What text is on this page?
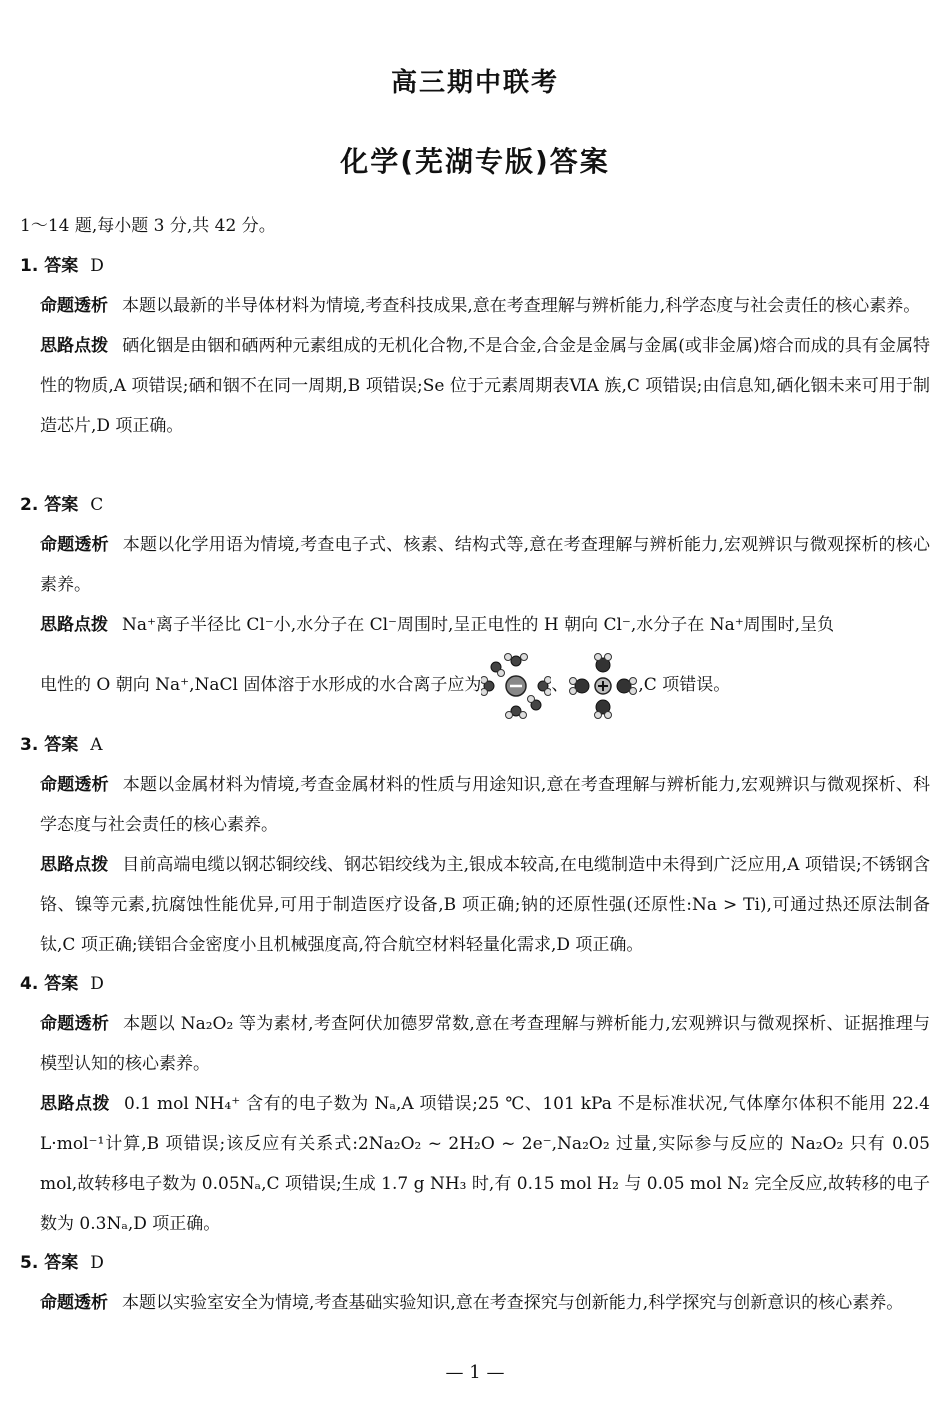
高三期中联考
化学(芜湖专版)答案
1～14 题,每小题 3 分,共 42 分。
1. 答案 D
命题透析 本题以最新的半导体材料为情境,考查科技成果,意在考查理解与辨析能力,科学态度与社会责任的核心素养。
思路点拨 硒化铟是由铟和硒两种元素组成的无机化合物,不是合金,合金是金属与金属(或非金属)熔合而成的具有金属特性的物质,A 项错误;硒和铟不在同一周期,B 项错误;Se 位于元素周期表ⅥA 族,C 项错误;由信息知,硒化铟未来可用于制造芯片,D 项正确。
2. 答案 C
命题透析 本题以化学用语为情境,考查电子式、核素、结构式等,意在考查理解与辨析能力,宏观辨识与微观探析的核心素养。
思路点拨 Na⁺离子半径比 Cl⁻小,水分子在 Cl⁻周围时,呈正电性的 H 朝向 Cl⁻,水分子在 Na⁺周围时,呈负
电性的 O 朝向 Na⁺,NaCl 固体溶于水形成的水合离子应为	、	,C 项错误。
3. 答案 A
命题透析 本题以金属材料为情境,考查金属材料的性质与用途知识,意在考查理解与辨析能力,宏观辨识与微观探析、科学态度与社会责任的核心素养。
思路点拨 目前高端电缆以钢芯铜绞线、钢芯铝绞线为主,银成本较高,在电缆制造中未得到广泛应用,A 项错误;不锈钢含铬、镍等元素,抗腐蚀性能优异,可用于制造医疗设备,B 项正确;钠的还原性强(还原性:Na > Ti),可通过热还原法制备钛,C 项正确;镁铝合金密度小且机械强度高,符合航空材料轻量化需求,D 项正确。
4. 答案 D
命题透析 本题以 Na₂O₂ 等为素材,考查阿伏加德罗常数,意在考查理解与辨析能力,宏观辨识与微观探析、证据推理与模型认知的核心素养。
思路点拨 0.1 mol NH₄⁺ 含有的电子数为 Nₐ,A 项错误;25 ℃、101 kPa 不是标准状况,气体摩尔体积不能用 22.4 L·mol⁻¹计算,B 项错误;该反应有关系式:2Na₂O₂ ~ 2H₂O ~ 2e⁻,Na₂O₂ 过量,实际参与反应的 Na₂O₂ 只有 0.05 mol,故转移电子数为 0.05Nₐ,C 项错误;生成 1.7 g NH₃ 时,有 0.15 mol H₂ 与 0.05 mol N₂ 完全反应,故转移的电子数为 0.3Nₐ,D 项正确。
5. 答案 D
命题透析 本题以实验室安全为情境,考查基础实验知识,意在考查探究与创新能力,科学探究与创新意识的核心素养。
— 1 —
